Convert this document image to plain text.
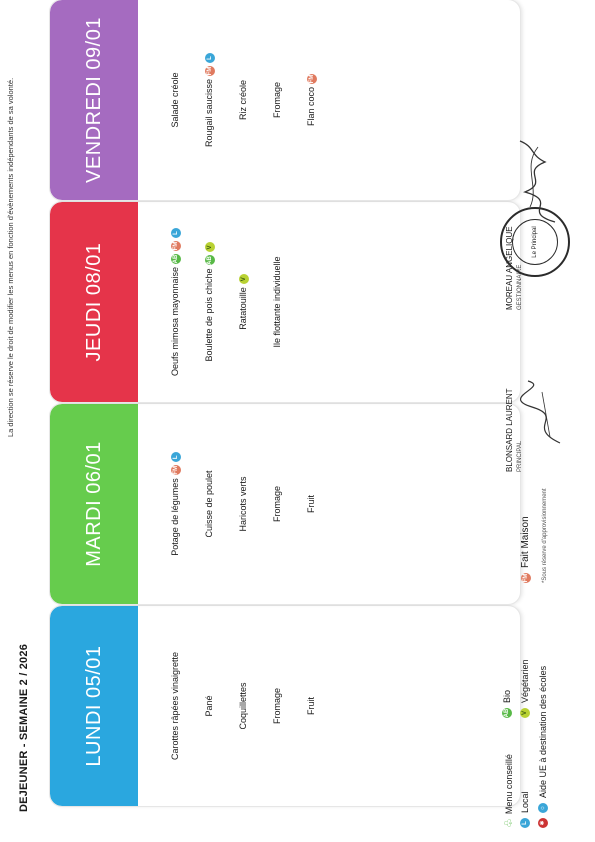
DEJEUNER - SEMAINE 2 / 2026
La direction se réserve le droit de modifier les menus en fonction d'évènements indépendants de sa volonté.
LUNDI 05/01	Carottes râpées vinaigrette	Pané	Coquillettes	Fromage	Fruit
MARDI 06/01	Potage de légumesFML
Cuisse de poulet	Haricots verts	Fromage	Fruit
JEUDI 08/01	Oeufs mimosa mayonnaiseABFML
Boulette de pois chicheABV
RatatouilleV	Ile flottante individuelle
VENDREDI 09/01	Salade créole	Rougail saucisseFML
Riz créole	Fromage	Flan cocoFM
♧
Menu conseillé
AB
Bio
L
Local
V
Végétarien
FM
Fait Maison
✱
☼
Aide UE à destination des écoles
*Sous réserve d'approvisionnement
BLONSARD LAURENT PRINCIPAL
MOREAU ANGELIQUE GESTIONNAIRE
Le Principal
